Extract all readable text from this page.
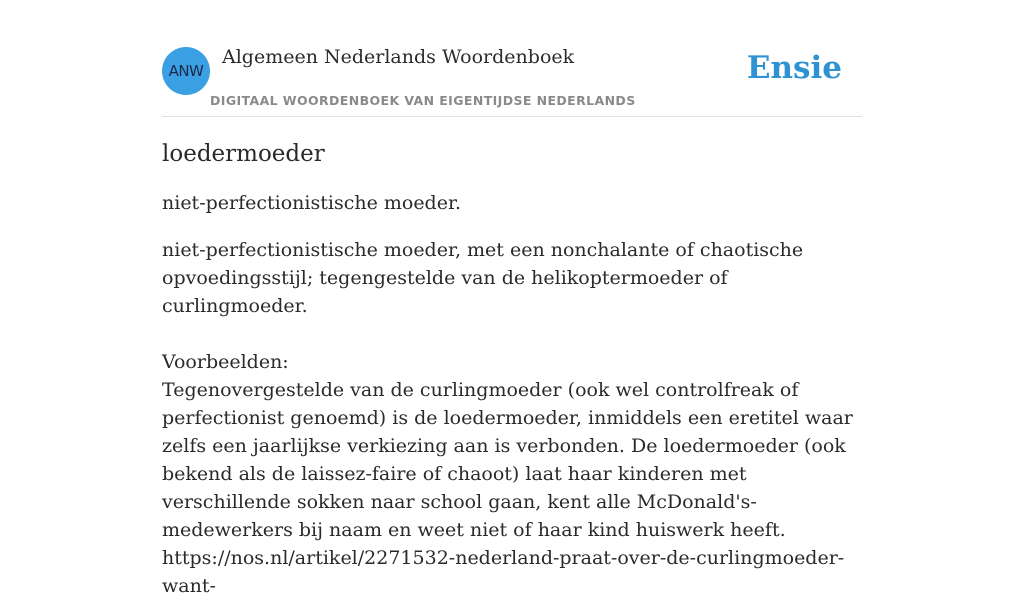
ANW
Algemeen Nederlands Woordenboek
DIGITAAL WOORDENBOEK VAN EIGENTIJDSE NEDERLANDS
Ensie
loedermoeder

niet-perfectionistische moeder.

niet-perfectionistische moeder, met een nonchalante of chaotische opvoedingsstijl; tegengestelde van de helikoptermoeder of curlingmoeder.

Voorbeelden:

Tegenovergestelde van de curlingmoeder (ook wel controlfreak of perfectionist genoemd) is de loedermoeder, inmiddels een eretitel waar zelfs een jaarlijkse verkiezing aan is verbonden. De loedermoeder (ook bekend als de laissez-faire of chaoot) laat haar kinderen met verschillende sokken naar school gaan, kent alle McDonald's-medewerkers bij naam en weet niet of haar kind huiswerk heeft. https://nos.nl/artikel/2271532-nederland-praat-over-de-curlingmoeder-want-
